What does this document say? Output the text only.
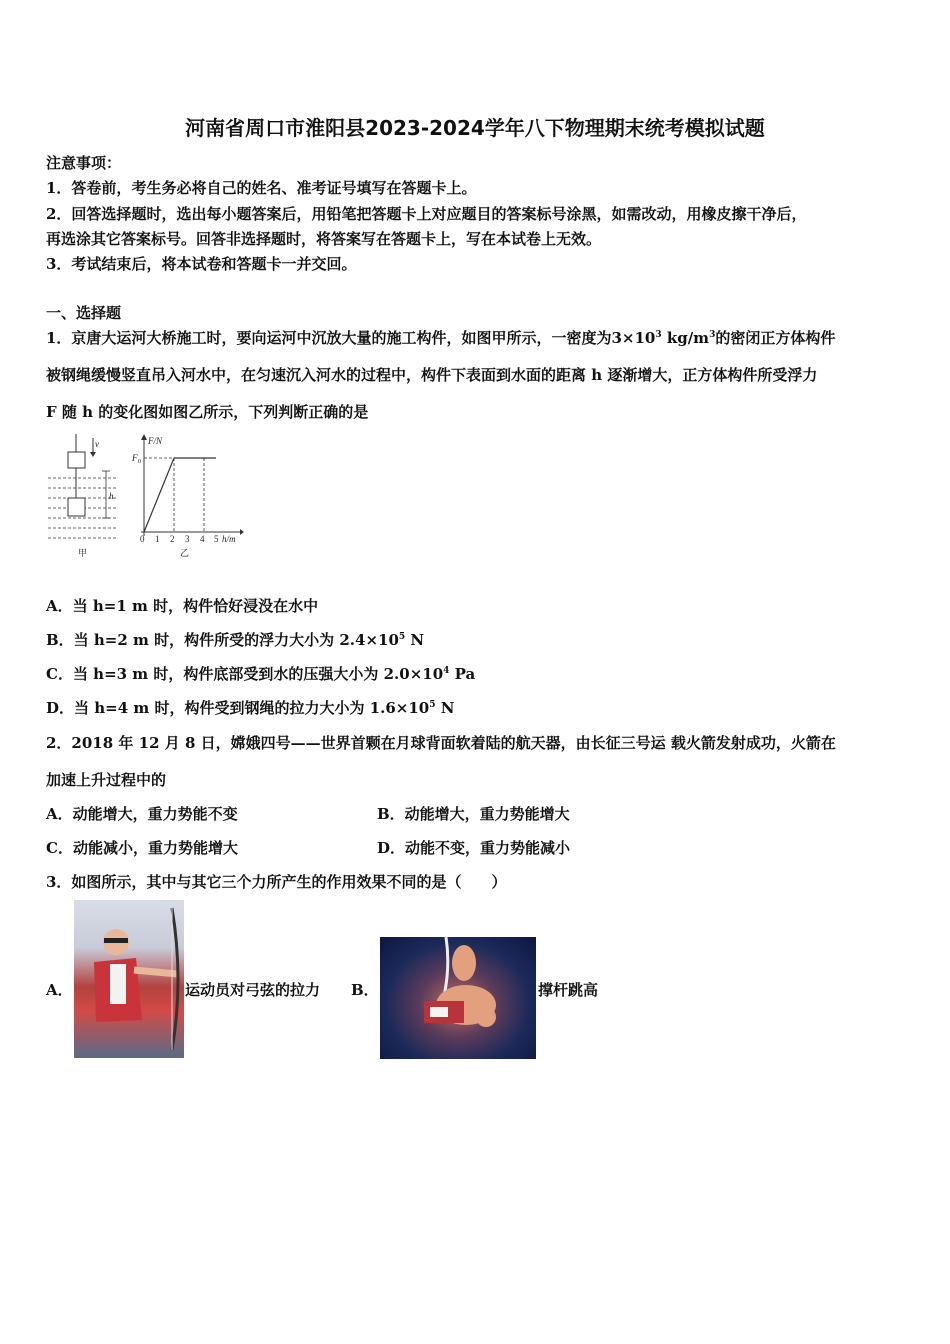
河南省周口市淮阳县2023-2024学年八下物理期末统考模拟试题
注意事项：
1．答卷前，考生务必将自己的姓名、准考证号填写在答题卡上。
2．回答选择题时，选出每小题答案后，用铅笔把答题卡上对应题目的答案标号涂黑，如需改动，用橡皮擦干净后，
再选涂其它答案标号。回答非选择题时，将答案写在答题卡上，写在本试卷上无效。
3．考试结束后，将本试卷和答题卡一并交回。
一、选择题
1．京唐大运河大桥施工时，要向运河中沉放大量的施工构件，如图甲所示，一密度为$3\times 10^3$ $kg/m^3$的密闭正方体构件
被钢绳缓慢竖直吊入河水中，在匀速沉入河水的过程中，构件下表面到水面的距离 h 逐渐增大，正方体构件所受浮力
F 随 h 的变化图如图乙所示，下列判断正确的是
v
h
F/N
F 0
0 1 2 3 4 5 h/m
甲	乙
A．当 h=1 m 时，构件恰好浸没在水中
B．当 h=2 m 时，构件所受的浮力大小为 $2.4\times 10^5$ N
C．当 h=3 m 时，构件底部受到水的压强大小为 $2.0\times 10^4$ Pa
D．当 h=4 m 时，构件受到钢绳的拉力大小为 $1.6\times 10^5$ N
2．2018 年 12 月 8 日，嫦娥四号——世界首颗在月球背面软着陆的航天器，由长征三号运 载火箭发射成功，火箭在
加速上升过程中的
A．动能增大，重力势能不变	B．动能增大，重力势能增大
C．动能减小，重力势能增大	D．动能不变，重力势能减小
3．如图所示，其中与其它三个力所产生的作用效果不同的是（　　）
A．	运动员对弓弦的拉力 B．	撑杆跳高
